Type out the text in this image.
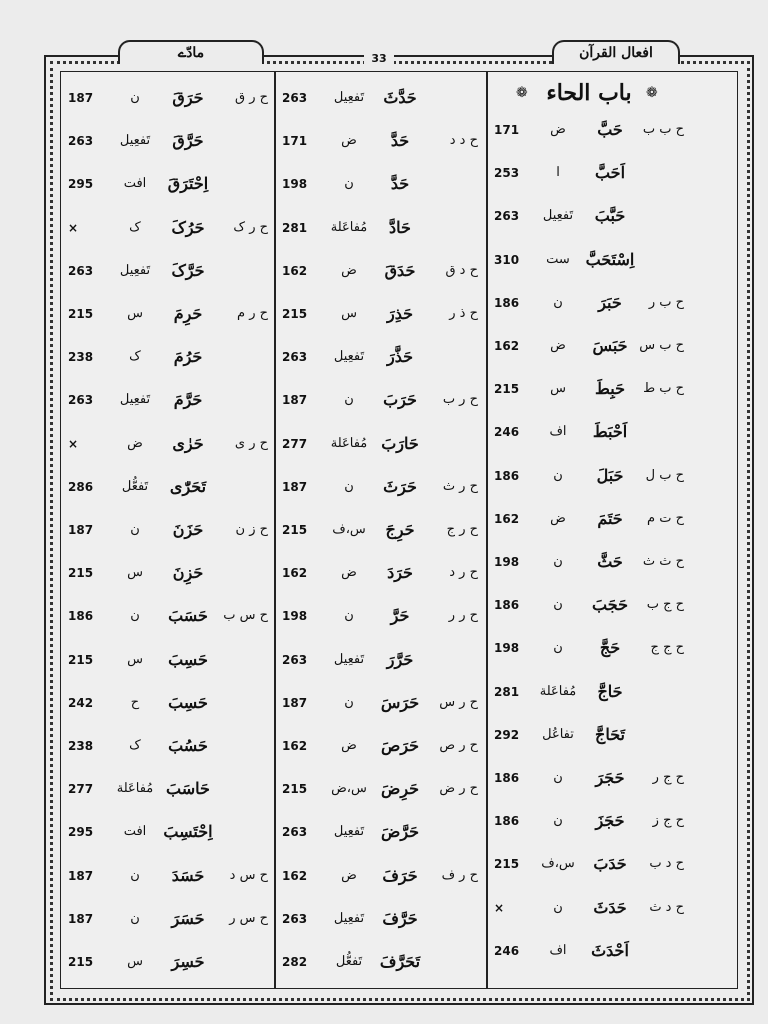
مادّے	افعال القرآن
33
باب الحاء	❁
❁
ح ب ب
حَبَّ
ض
171
اَحَبَّ
ا
253
حَبَّبَ
تَفعِيل
263
اِسْتَحَبَّ
ست
310
ح ب ر
حَبَرَ
ن
186
ح ب س
حَبَسَ
ض
162
ح ب ط
حَبِطَ
س
215
اَحْبَطَ
اف
246
ح ب ل
حَبَلَ
ن
186
ح ت م
حَتَمَ
ض
162
ح ث ث
حَثَّ
ن
198
ح ج ب
حَجَبَ
ن
186
ح ج ج
حَجَّ
ن
198
حَاجَّ
مُفاعَلة
281
تَحَاجَّ
تفاعُل
292
ح ج ر
حَجَرَ
ن
186
ح ج ز
حَجَزَ
ن
186
ح د ب
حَدَبَ
س،ف
215
ح د ث
حَدَثَ
ن
×
اَحْدَثَ
اف
246
حَدَّثَ
تَفعِيل
263
ح د د
حَدَّ
ض
171
حَدَّ
ن
198
حَادَّ
مُفاعَلة
281
ح د ق
حَدَقَ
ض
162
ح ذ ر
حَذِرَ
س
215
حَذَّرَ
تَفعِيل
263
ح ر ب
حَرَبَ
ن
187
حَارَبَ
مُفاعَلة
277
ح ر ث
حَرَثَ
ن
187
ح ر ج
حَرِجَ
س،ف
215
ح ر د
حَرَدَ
ض
162
ح ر ر
حَرَّ
ن
198
حَرَّرَ
تَفعِيل
263
ح ر س
حَرَسَ
ن
187
ح ر ص
حَرَصَ
ض
162
ح ر ض
حَرِضَ
س،ض
215
حَرَّضَ
تَفعِيل
263
ح ر ف
حَرَفَ
ض
162
حَرَّفَ
تَفعِيل
263
تَحَرَّفَ
تَفعُّل
282
ح ر ق
حَرَقَ
ن
187
حَرَّقَ
تَفعِيل
263
اِحْتَرَقَ
افت
295
ح ر ک
حَرُکَ
ک
×
حَرَّکَ
تَفعِيل
263
ح ر م
حَرِمَ
س
215
حَرُمَ
ک
238
حَرَّمَ
تَفعِيل
263
ح ر ی
حَرٰی
ض
×
تَحَرّٰی
تَفعُّل
286
ح ز ن
حَزَنَ
ن
187
حَزِنَ
س
215
ح س ب
حَسَبَ
ن
186
حَسِبَ
س
215
حَسِبَ
ح
242
حَسُبَ
ک
238
حَاسَبَ
مُفاعَلة
277
اِحْتَسِبَ
افت
295
ح س د
حَسَدَ
ن
187
ح س ر
حَسَرَ
ن
187
حَسِرَ
س
215
